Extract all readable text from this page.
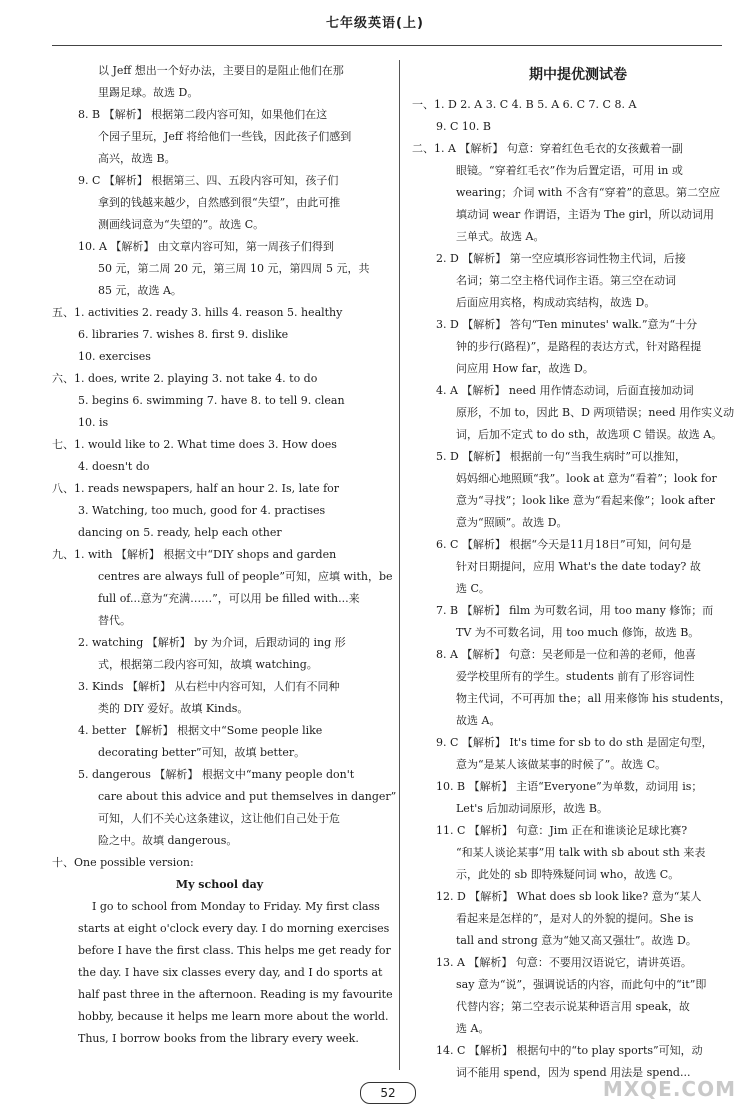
七年级英语(上)
以 Jeff 想出一个好办法，主要目的是阻止他们在那
里踢足球。故选 D。
8. B 【解析】 根据第二段内容可知，如果他们在这
个园子里玩，Jeff 将给他们一些钱，因此孩子们感到
高兴，故选 B。
9. C 【解析】 根据第三、四、五段内容可知，孩子们
拿到的钱越来越少，自然感到很“失望”，由此可推
测画线词意为“失望的”。故选 C。
10. A 【解析】 由文章内容可知，第一周孩子们得到
50 元，第二周 20 元，第三周 10 元，第四周 5 元，共
85 元，故选 A。
五、1. activities 2. ready 3. hills 4. reason 5. healthy
6. libraries 7. wishes 8. first 9. dislike
10. exercises
六、1. does, write 2. playing 3. not take 4. to do
5. begins 6. swimming 7. have 8. to tell 9. clean
10. is
七、1. would like to 2. What time does 3. How does
4. doesn't do
八、1. reads newspapers, half an hour 2. Is, late for
3. Watching, too much, good for 4. practises
dancing on 5. ready, help each other
九、1. with 【解析】 根据文中“DIY shops and garden
centres are always full of people”可知，应填 with，be
full of...意为“充满……”，可以用 be filled with...来
替代。
2. watching 【解析】 by 为介词，后跟动词的 ing 形
式，根据第二段内容可知，故填 watching。
3. Kinds 【解析】 从右栏中内容可知，人们有不同种
类的 DIY 爱好。故填 Kinds。
4. better 【解析】 根据文中“Some people like
decorating better”可知，故填 better。
5. dangerous 【解析】 根据文中“many people don't
care about this advice and put themselves in danger”
可知，人们不关心这条建议，这让他们自己处于危
险之中。故填 dangerous。
十、One possible version:
My school day
I go to school from Monday to Friday. My first class
starts at eight o'clock every day. I do morning exercises
before I have the first class. This helps me get ready for
the day. I have six classes every day, and I do sports at
half past three in the afternoon. Reading is my favourite
hobby, because it helps me learn more about the world.
Thus, I borrow books from the library every week.
期中提优测试卷
一、1. D 2. A 3. C 4. B 5. A 6. C 7. C 8. A
9. C 10. B
二、1. A 【解析】 句意：穿着红色毛衣的女孩戴着一副
眼镜。“穿着红毛衣”作为后置定语，可用 in 或
wearing；介词 with 不含有“穿着”的意思。第二空应
填动词 wear 作谓语，主语为 The girl，所以动词用
三单式。故选 A。
2. D 【解析】 第一空应填形容词性物主代词，后接
名词；第二空主格代词作主语。第三空在动词
后面应用宾格，构成动宾结构，故选 D。
3. D 【解析】 答句“Ten minutes' walk.”意为“十分
钟的步行(路程)”，是路程的表达方式，针对路程提
问应用 How far，故选 D。
4. A 【解析】 need 用作情态动词，后面直接加动词
原形，不加 to，因此 B、D 两项错误；need 用作实义动
词，后加不定式 to do sth，故选项 C 错误。故选 A。
5. D 【解析】 根据前一句“当我生病时”可以推知，
妈妈细心地照顾“我”。look at 意为“看着”；look for
意为“寻找”；look like 意为“看起来像”；look after
意为“照顾”。故选 D。
6. C 【解析】 根据“今天是11月18日”可知，问句是
针对日期提问，应用 What's the date today? 故
选 C。
7. B 【解析】 film 为可数名词，用 too many 修饰；而
TV 为不可数名词，用 too much 修饰，故选 B。
8. A 【解析】 句意：吴老师是一位和善的老师，他喜
爱学校里所有的学生。students 前有了形容词性
物主代词，不可再加 the；all 用来修饰 his students，
故选 A。
9. C 【解析】 It's time for sb to do sth 是固定句型，
意为“是某人该做某事的时候了”。故选 C。
10. B 【解析】 主语“Everyone”为单数，动词用 is；
Let's 后加动词原形，故选 B。
11. C 【解析】 句意：Jim 正在和谁谈论足球比赛?
“和某人谈论某事”用 talk with sb about sth 来表
示，此处的 sb 即特殊疑问词 who，故选 C。
12. D 【解析】 What does sb look like? 意为“某人
看起来是怎样的”，是对人的外貌的提问。She is
tall and strong 意为“她又高又强壮”。故选 D。
13. A 【解析】 句意：不要用汉语说它，请讲英语。
say 意为“说”，强调说话的内容，而此句中的“it”即
代替内容；第二空表示说某种语言用 speak，故
选 A。
14. C 【解析】 根据句中的“to play sports”可知，动
词不能用 spend，因为 spend 用法是 spend...
52	MXQE.COM
